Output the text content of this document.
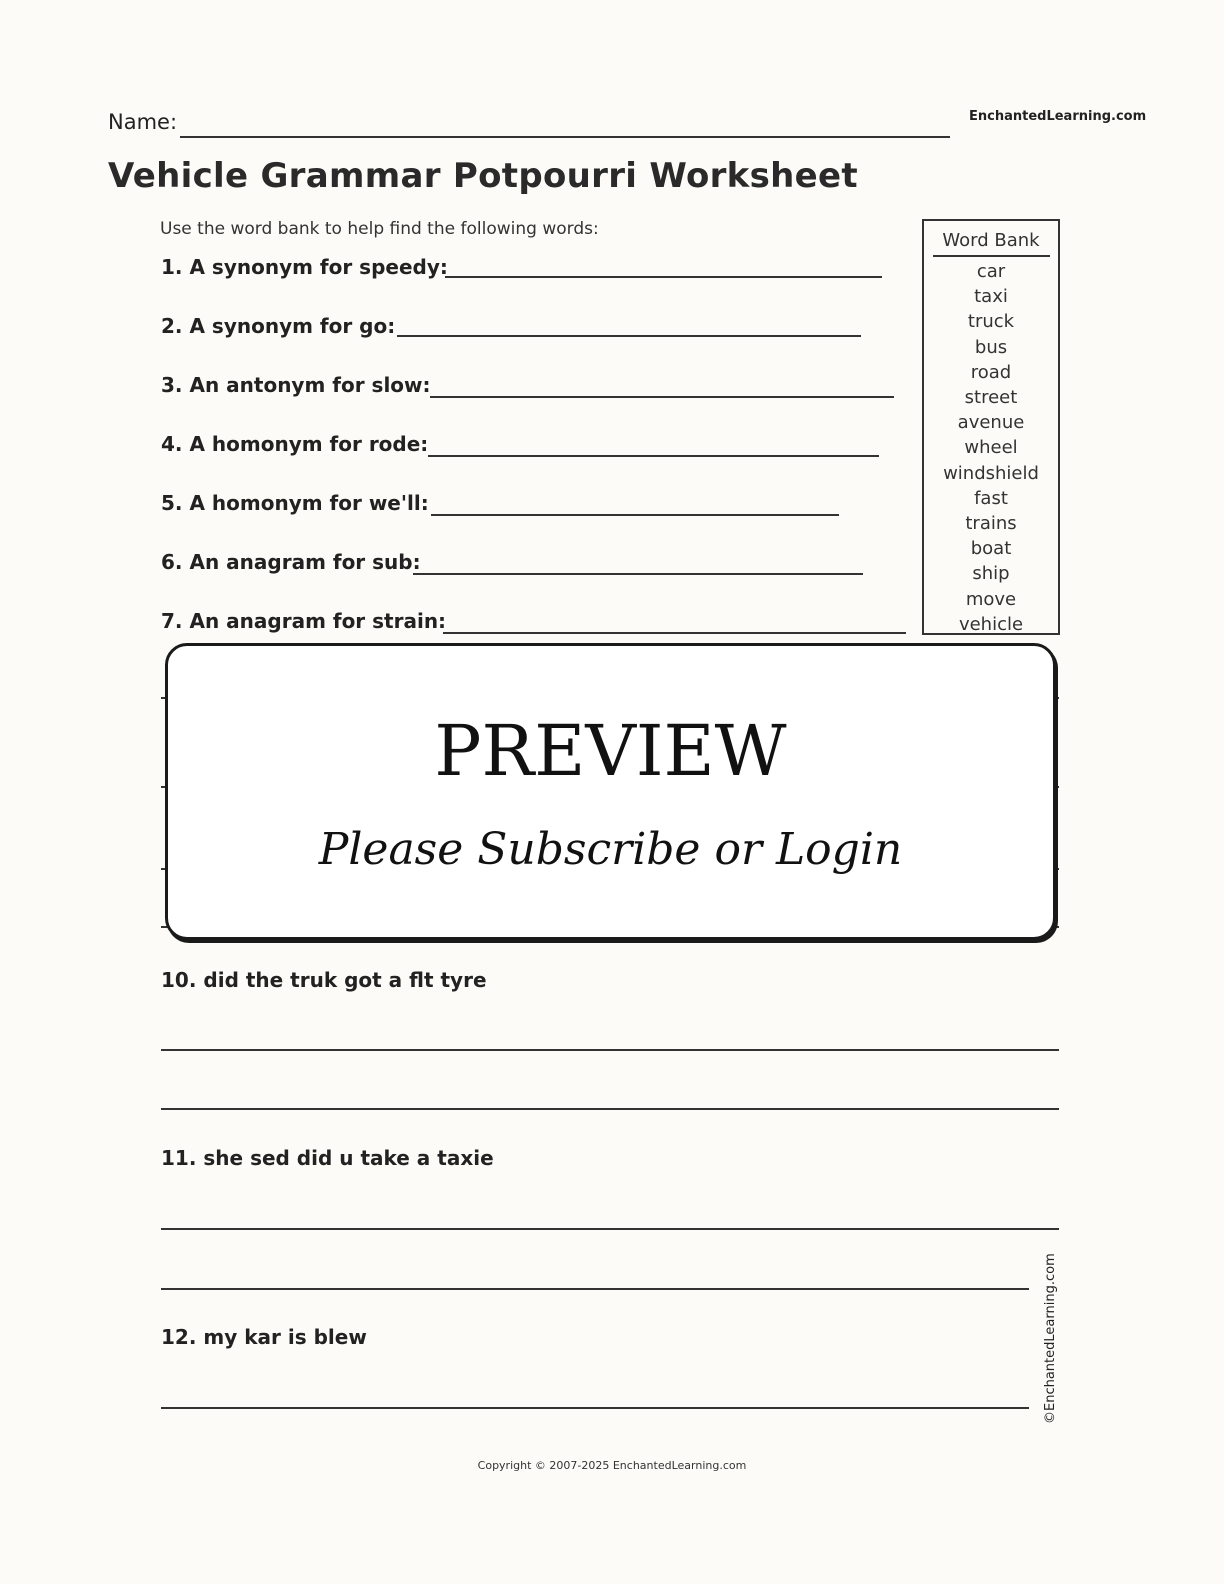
Name:	EnchantedLearning.com
Vehicle Grammar Potpourri Worksheet
Use the word bank to help find the following words:
1. A synonym for speedy:
2. A synonym for go:
3. An antonym for slow:
4. A homonym for rode:
5. A homonym for we'll:
6. An anagram for sub:
7. An anagram for strain:
Word Bank
car
taxi
truck
bus
road
street
avenue
wheel
windshield
fast
trains
boat
ship
move
vehicle
PREVIEW
Please Subscribe or Login
10. did the truk got a flt tyre
11. she sed did u take a taxie
12. my kar is blew	©EnchantedLearning.com
Copyright © 2007-2025 EnchantedLearning.com
